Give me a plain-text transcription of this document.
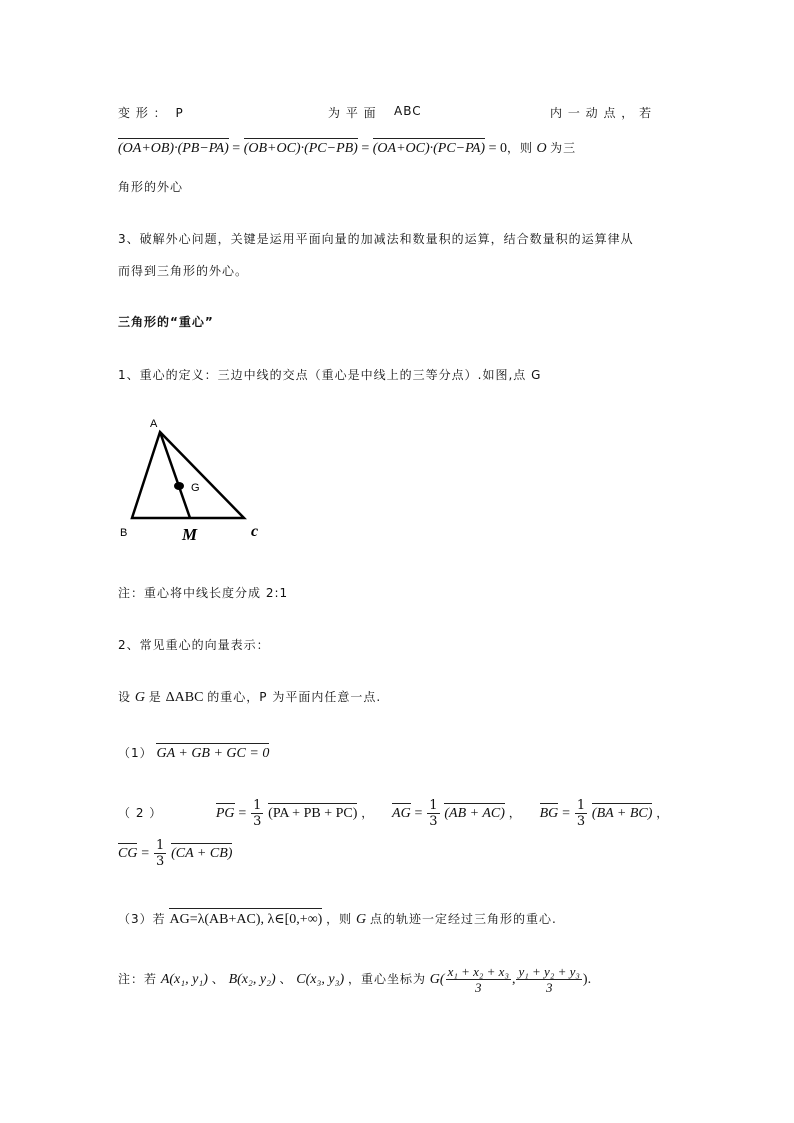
变 形 ： P	为 平 面 ABC	内 一 动 点 ， 若
(OA+OB)·(PB−PA) = (OB+OC)·(PC−PB) = (OA+OC)·(PC−PA) = 0，则 O 为三
角形的外心
3、破解外心问题，关键是运用平面向量的加减法和数量积的运算，结合数量积的运算律从
而得到三角形的外心。
三角形的“重心”
1、重心的定义：三边中线的交点（重心是中线上的三等分点）.如图,点 G
A
B	c
G
M
注：重心将中线长度分成 2:1
2、常见重心的向量表示：
设 G 是 ΔABC 的重心，P 为平面内任意一点.
（1） GA + GB + GC = 0
（ 2 ）	PG = $\frac{1}{3} (PA$ + PB + PC) ， AG = $\frac{1}{3} (AB + AC)$ ， BG = $\frac{1}{3} (BA + BC)$ ，
CG = $\frac{1}{3} (CA + CB)$
（3）若 AG=λ(AB+AC), λ∈[0,+∞) ，则 G 点的轨迹一定经过三角形的重心.
注：若 A(x₁, y₁) 、 B(x₂, y₂) 、 C(x₃, y₃) ，重心坐标为 $G( \frac{\text{x₁ + x₂ + x₃}}{3}$ , $\frac{\text{y₁ + y₂ + y₃}}{3}$ ).
